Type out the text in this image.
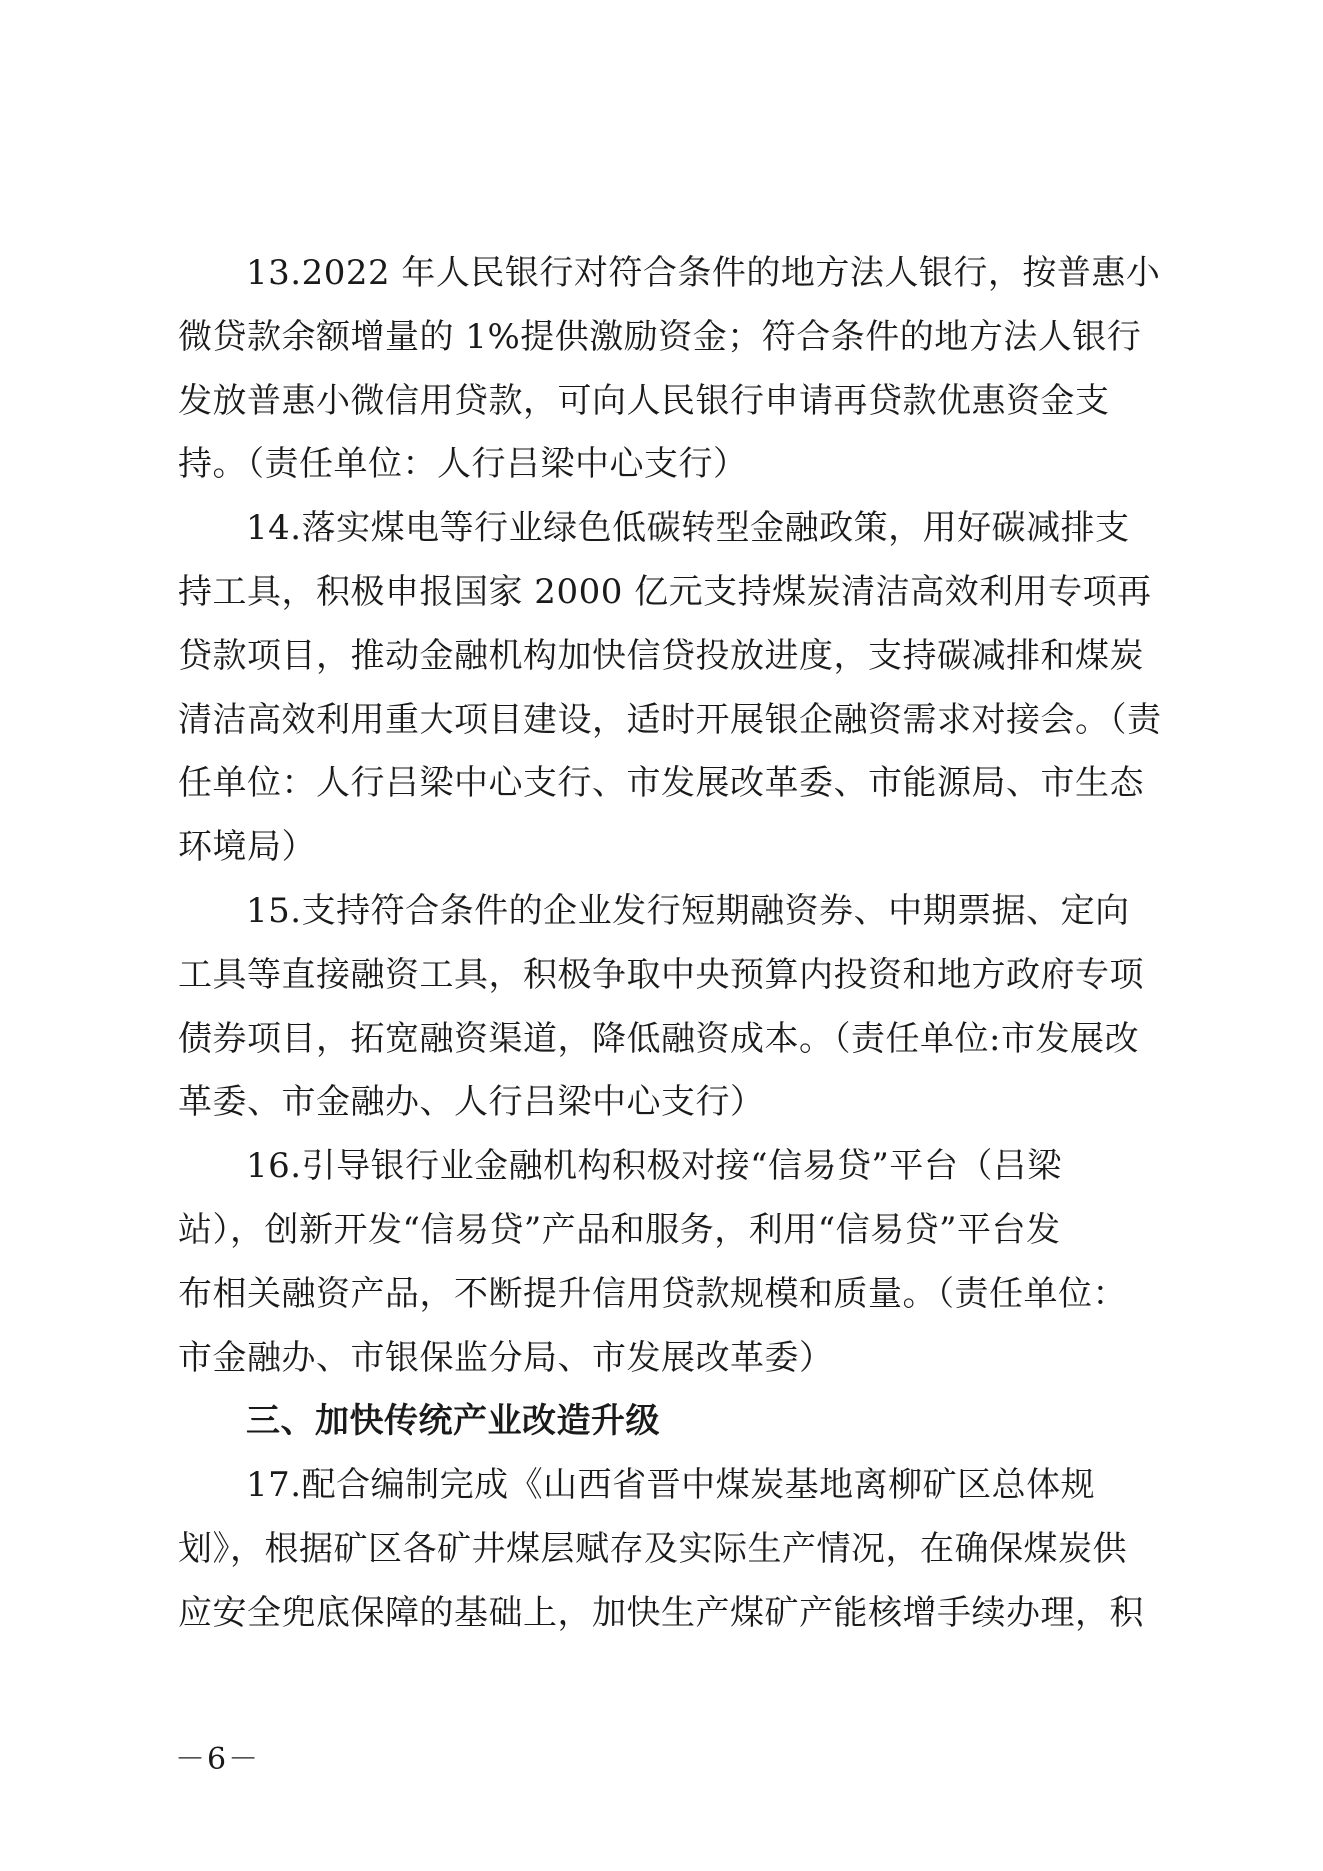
13.2022 年人民银行对符合条件的地方法人银行，按普惠小
微贷款余额增量的 1%提供激励资金；符合条件的地方法人银行
发放普惠小微信用贷款，可向人民银行申请再贷款优惠资金支
持。（责任单位：人行吕梁中心支行）
14.落实煤电等行业绿色低碳转型金融政策，用好碳减排支
持工具，积极申报国家 2000 亿元支持煤炭清洁高效利用专项再
贷款项目，推动金融机构加快信贷投放进度，支持碳减排和煤炭
清洁高效利用重大项目建设，适时开展银企融资需求对接会。（责
任单位：人行吕梁中心支行、市发展改革委、市能源局、市生态
环境局）
15.支持符合条件的企业发行短期融资券、中期票据、定向
工具等直接融资工具，积极争取中央预算内投资和地方政府专项
债券项目，拓宽融资渠道，降低融资成本。（责任单位:市发展改
革委、市金融办、人行吕梁中心支行）
16.引导银行业金融机构积极对接“信易贷”平台（吕梁
站），创新开发“信易贷”产品和服务，利用“信易贷”平台发
布相关融资产品，不断提升信用贷款规模和质量。（责任单位：
市金融办、市银保监分局、市发展改革委）
三、加快传统产业改造升级
17.配合编制完成《山西省晋中煤炭基地离柳矿区总体规
划》，根据矿区各矿井煤层赋存及实际生产情况，在确保煤炭供
应安全兜底保障的基础上，加快生产煤矿产能核增手续办理，积
－6－
